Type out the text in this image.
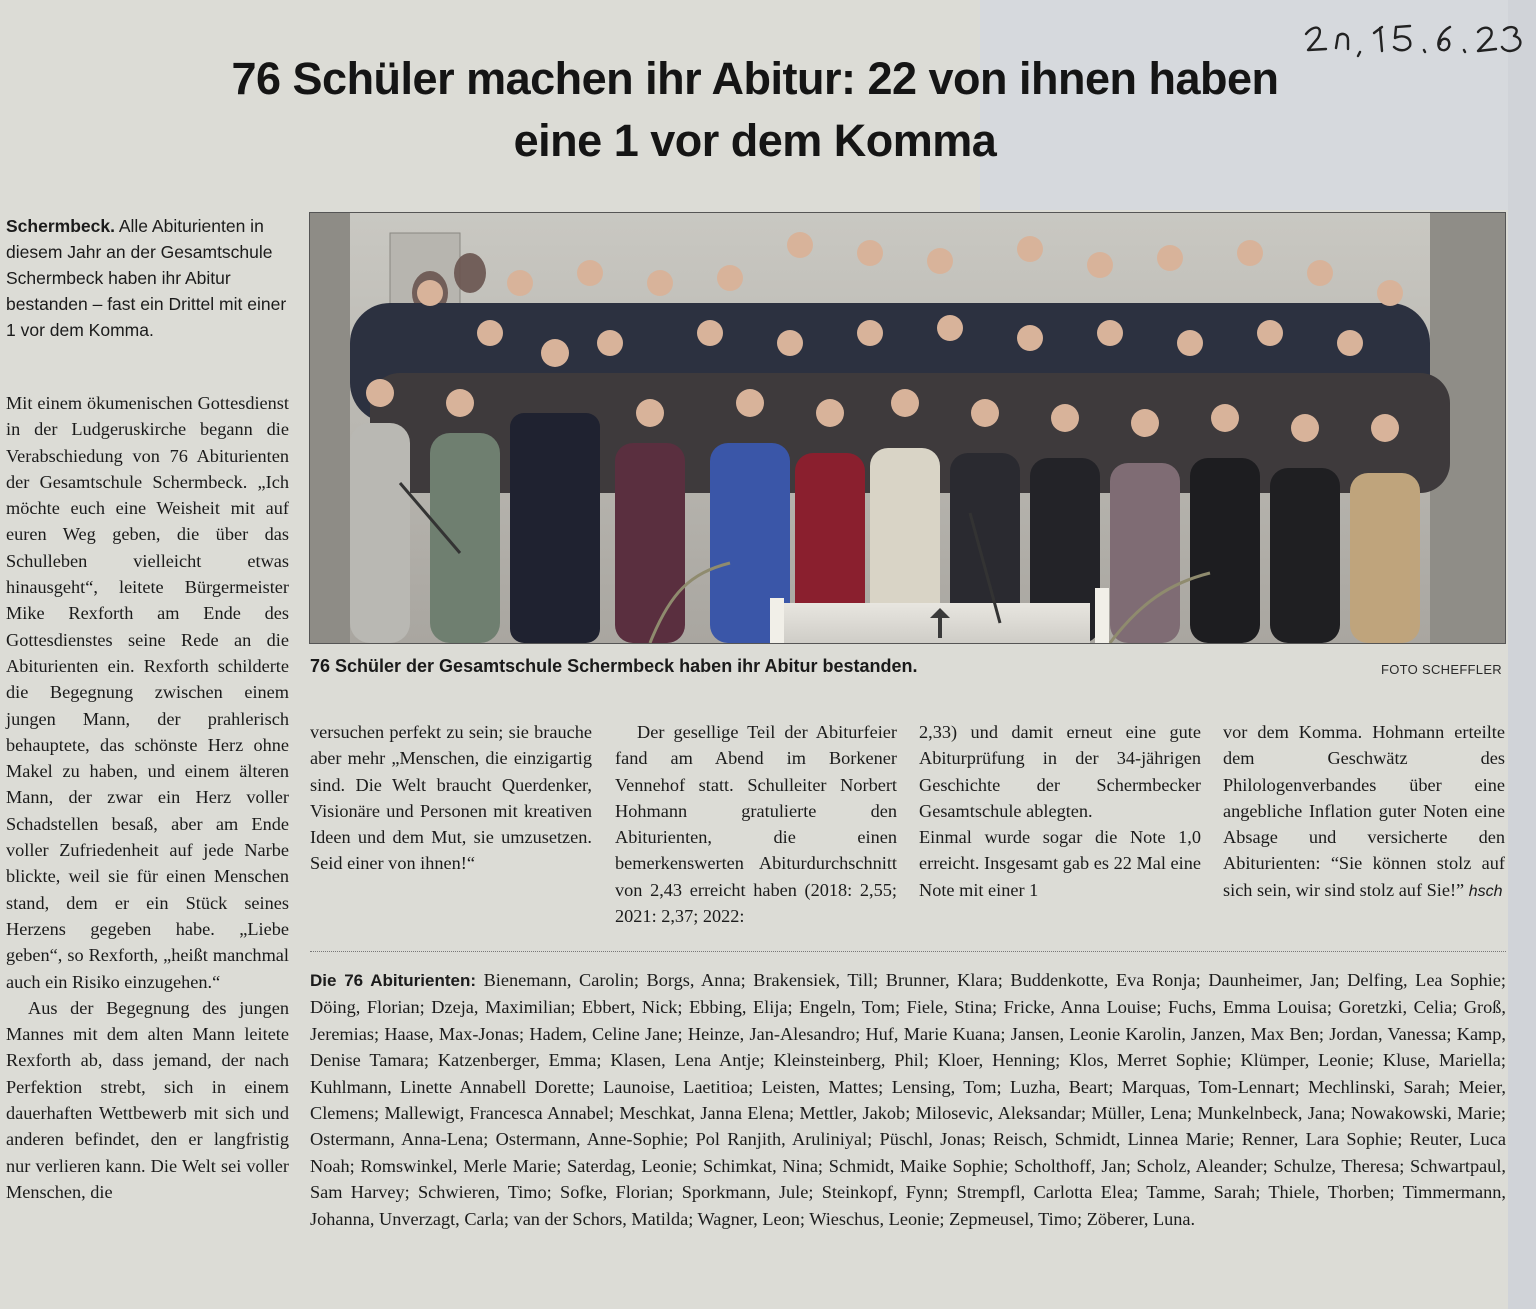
76 Schüler machen ihr Abitur: 22 von ihnen haben
eine 1 vor dem Komma
Schermbeck. Alle Abiturienten in diesem Jahr an der Gesamtschule Schermbeck haben ihr Abitur bestanden – fast ein Drittel mit einer 1 vor dem Komma.

Mit einem ökumenischen Gottesdienst in der Ludgeruskirche begann die Verabschiedung von 76 Abiturienten der Gesamtschule Schermbeck. „Ich möchte euch eine Weisheit mit auf euren Weg geben, die über das Schulleben vielleicht etwas hinausgeht“, leitete Bürgermeister Mike Rexforth am Ende des Gottesdienstes seine Rede an die Abiturienten ein. Rexforth schilderte die Begegnung zwischen einem jungen Mann, der prahlerisch behauptete, das schönste Herz ohne Makel zu haben, und einem älteren Mann, der zwar ein Herz voller Schadstellen besaß, aber am Ende voller Zufriedenheit auf jede Narbe blickte, weil sie für einen Menschen stand, dem er ein Stück seines Herzens gegeben habe. „Liebe geben“, so Rexforth, „heißt manchmal auch ein Risiko einzugehen.“

Aus der Begegnung des jungen Mannes mit dem alten Mann leitete Rexforth ab, dass jemand, der nach Perfektion strebt, sich in einem dauerhaften Wettbewerb mit sich und anderen befindet, den er langfristig nur verlieren kann. Die Welt sei voller Menschen, die

76 Schüler der Gesamtschule Schermbeck haben ihr Abitur bestanden.	FOTO SCHEFFLER

versuchen perfekt zu sein; sie brauche aber mehr „Menschen, die einzigartig sind. Die Welt braucht Querdenker, Visionäre und Personen mit kreativen Ideen und dem Mut, sie umzusetzen. Seid einer von ihnen!“

Der gesellige Teil der Abiturfeier fand am Abend im Borkener Vennehof statt. Schulleiter Norbert Hohmann gratulierte den Abiturienten, die einen bemerkenswerten Abiturdurchschnitt von 2,43 erreicht haben (2018: 2,55; 2021: 2,37; 2022:

2,33) und damit erneut eine gute Abiturprüfung in der 34-jährigen Geschichte der Schermbecker Gesamtschule ablegten.

Einmal wurde sogar die Note 1,0 erreicht. Insgesamt gab es 22 Mal eine Note mit einer 1

vor dem Komma. Hohmann erteilte dem Geschwätz des Philologenverbandes über eine angebliche Inflation guter Noten eine Absage und versicherte den Abiturienten: “Sie können stolz auf sich sein, wir sind stolz auf Sie!” hsch

Die 76 Abiturienten: Bienemann, Carolin; Borgs, Anna; Brakensiek, Till; Brunner, Klara; Buddenkotte, Eva Ronja; Daunheimer, Jan; Delfing, Lea Sophie; Döing, Florian; Dzeja, Maximilian; Ebbert, Nick; Ebbing, Elija; Engeln, Tom; Fiele, Stina; Fricke, Anna Louise; Fuchs, Emma Louisa; Goretzki, Celia; Groß, Jeremias; Haase, Max-Jonas; Hadem, Celine Jane; Heinze, Jan-Alesandro; Huf, Marie Kuana; Jansen, Leonie Karolin, Janzen, Max Ben; Jordan, Vanessa; Kamp, Denise Tamara; Katzenberger, Emma; Klasen, Lena Antje; Kleinsteinberg, Phil; Kloer, Henning; Klos, Merret Sophie; Klümper, Leonie; Kluse, Mariella; Kuhlmann, Linette Annabell Dorette; Launoise, Laetitioa; Leisten, Mattes; Lensing, Tom; Luzha, Beart; Marquas, Tom-Lennart; Mechlinski, Sarah; Meier, Clemens; Mallewigt, Francesca Annabel; Meschkat, Janna Elena; Mettler, Jakob; Milosevic, Aleksandar; Müller, Lena; Munkelnbeck, Jana; Nowakowski, Marie; Ostermann, Anna-Lena; Ostermann, Anne-Sophie; Pol Ranjith, Aruliniyal; Püschl, Jonas; Reisch, Schmidt, Linnea Marie; Renner, Lara Sophie; Reuter, Luca Noah; Romswinkel, Merle Marie; Saterdag, Leonie; Schimkat, Nina; Schmidt, Maike Sophie; Scholthoff, Jan; Scholz, Aleander; Schulze, Theresa; Schwartpaul, Sam Harvey; Schwieren, Timo; Sofke, Florian; Sporkmann, Jule; Steinkopf, Fynn; Strempfl, Carlotta Elea; Tamme, Sarah; Thiele, Thorben; Timmermann, Johanna, Unverzagt, Carla; van der Schors, Matilda; Wagner, Leon; Wieschus, Leonie; Zepmeusel, Timo; Zöberer, Luna.
